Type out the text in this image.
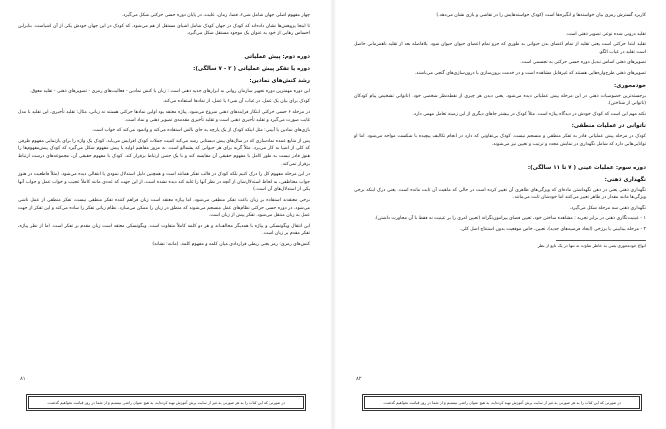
چهار مفهوم اصلی جهان شامل شیء، فضا، زمان، علیت، در پایان دوره حسی حرکتی شکل می‌گیرد.

تا اینجا پژوهش‌ها نشان داده‌اند که کودک در جهان کودک شامل اشیای مستقل از هم می‌شود. که کودک در این جهان خودش یکی از آن اشیاست. بنابراین احساس رهایی از خود به عنوان یک موجود مستقل شکل می‌گیرد.

دوره دوم: پیش عملیاتی
دوره یا تفکر پیش عملیاتی ( ۲ - ۷ سالگی):
رشد کنش‌های نمادین:

این دوره مهمترین دوره تجهیز سازمان روانی به ابزارهای جدید ذهنی است : زبان یا کنش نمادین - فعالیت‌های رمزی - تصویرهای ذهنی - تقلید معوق.

کودک برای بیان یک عمل، در غیاب آن شیء یا عمل، از نمادها استفاده می‌کند.

در مرحله ۶ حسی حرکتی ابتکار فرایندهای ذهنی شروع می‌شود. پیاژه معتقد بود اولین نمادها حرکتی هستند نه زبانی، مثال: تقلید تأخیری، این تقلید با مدل غایب صورت می‌گیرد و تقلید تأخیری ذهنی است و تقلید تأخیری مقدمه‌ی تصویر ذهنی و نماد است.

بازی‌های نمادین یا آیینی: مثل اینکه کودک از یک پارچه به جای بالش استفاده می‌کند و وانمود می‌کند که خواب است.

پس از منابع عمده نمادسازی که در سال‌های پیش دبستانی رشد می‌کند کمیت جملات کودک افزایش می‌یابد. کودک یک واژه را برای بازنمایی مفهوم ظرفی که کلی از اشیا به کار می‌برد. مثلاً گربه برای هر حیوانی که پشمالو است. به مرور مفاهیم اولیه یا پیش مفهوم شکل می‌گیرد که کودک پیش‌مفهوم‌ها را هنوز قادر نیست به طور کامل با مفهوم حقیقی آن مقایسه کند و با یک جنس ارتباط برقرار کند. کودک با مفهوم حقیقی آن، مجموعه‌های درست ارتباط برقرار نمی‌کند.

در این مرحله مفهوم کل را درک کنیم بلکه کودک در قالب تفکر همانند است و همچنین دلیل استدلال نمودی یا انتقالی دیده می‌شود. (مثلاً قاطعیت در هنوز جواب معتاطفی، به لحاظ استدلال‌شان از آنچه در نظر آنها را غلبه کند دیده نشده است، از این جهت که عددی مانند کاملاً عجیب و خواب عمل و جواب آنها یکی از استدلال‌های آن است.)

برخی معتقدند استفاده بر زبان باعث تفکر منطقی می‌شود. اما پیاژه معتقد است زبان فراهم کننده تفکر منطقی نیست، تفکر منطقی از عمل ناشی می‌شود. در دوره حسی حرکتی نظام‌های عمل منسجم می‌شوند که منطق در زبان را ممکن می‌سازد. نظام زبانی تفکر را ساده می‌کند و این تفکر از جهت عمل به زبان منتقل می‌شود. تفکر پیش از زبان است.

این انتقال ویگوتسکی و پیاژه با همدیگر مخالف‌اند و هر دو کلمه کاملاً متفاوت است. ویگوتسکی معتقد است زبان مقدم بر تفکر است. اما از نظر پیاژه، تفکر مقدم بر زبان است.

کنش‌های رمزی: رمز یعنی ربطی قراردادی میان کلمه و مفهوم کلمه. (مانند: نشانه)

۸۱
در صورتی که این کتاب را به هر صورتی به غیر از سایت پرش آموزش تهیه کرده‌اید، به هیچ عنوان راضی نیستیم و از شما در روز قیامت نخواهیم گذشت.

کاربرد گسترش رمزی بیان خواسته‌ها و انگیزه‌ها است (کودک خواسته‌هایش را در نقاشی و بازی نشان می‌دهد.)

تقلید درونی شده نوعی تصویر ذهنی است.

تقلید ابتدا حرکتی است یعنی تقلید از تمام اعضای بدن حیوانی به طوری که جزو تمام اعضای حیوان حیوان شود. بلافاصله بعد از تقلید ناهمزمانی حاصل است تقلید در غیاب الگو.

تصویرهای ذهنی اساس تبدیل دوره حسی حرکتی به تجسمی است.

تصویرهای ذهنی طرح‌واره‌هایی هستند که غیرقابل مشاهده است و در خدمت برون‌سازی یا درون‌سازی‌های گنجی می‌باشند.

خودمحوری:

برجسته‌ترین خصوصیات ذهنی در این مرحله پیش عملیاتی دیده می‌شود. یعنی دیدن هر چیزی از نقطه‌نظر شخصی خود. (ناتوانی تشخیص پیام کودکان (ناتوانی از شناختن).

نکته مهم این است که کودک خودش در دیدگاه پیاژه است. مثلاً کودک در بیشتر جاهای دیگری از این زمینه تعامل مهمی دارد.

ناتوانی در عملیات منطقی:

کودک در مرحله پیش عملیاتی قادر به تفکر منطقی و منسجم نیست. کودک بی‌تفاوتی که دارد در انجام تکالیف پیچیده با شکست مواجه می‌شود. اما او توانایی‌هایی دارد که شامل نگهداری در نمایش مجدد و ترتیب و تعیین نیز می‌شوند.

دوره سوم: عملیات عینی ( ۷ تا ۱۱ سالگی):
نگهداری ذهنی:

نگهداری ذهنی یعنی در ذهن نگهداشتن ماده‌ای که ویژگی‌های ظاهری آن تغییر کرده است در حالی که ماهیت آن ثابت مانده است. یعنی درک اینکه برخی ویژگی‌ها مانند مقدار در ظاهر تغییر می‌کنند اما خودشان ثابت می‌مانند.

نگهداری ذهنی سه مرحله شکل می‌گیرد.

۱ - عینیت‌نگاری ذهنی در برابر تجربه : مشاهده ساختن خود، تعیین فضای پیرامون‌نگرانه (تعیین امری را بر عینیت نه فقط با آن محاورت داشتن).

۲ - مرحله بینابینی یا برزخی (ایجاد فرضیه‌های جدید)، تعیین، خاص موقعیت بدون استنتاج اصل کلی.

انواع خودمحوری یعنی به خاطر تفاوت نه تنها در یک تابع از نظر
۸۲
در صورتی که این کتاب را به هر صورتی به غیر از سایت پرش آموزش تهیه کرده‌اید، به هیچ عنوان راضی نیستیم و از شما در روز قیامت نخواهیم گذشت.
